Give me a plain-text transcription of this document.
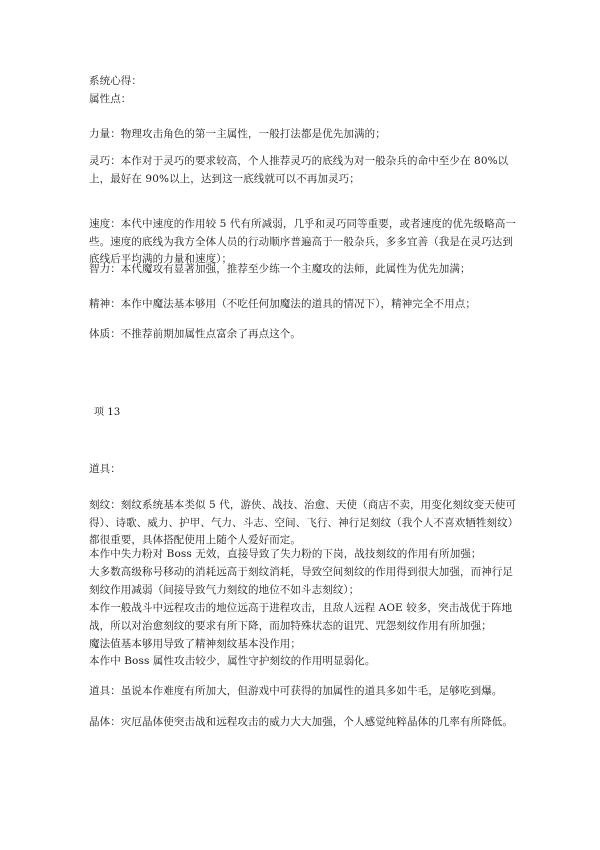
系统心得：

属性点：

力量：物理攻击角色的第一主属性，一般打法都是优先加满的；

灵巧：本作对于灵巧的要求较高，个人推荐灵巧的底线为对一般杂兵的命中至少在 80%以上，最好在 90%以上，达到这一底线就可以不再加灵巧；

速度：本代中速度的作用较 5 代有所减弱，几乎和灵巧同等重要，或者速度的优先级略高一些。速度的底线为我方全体人员的行动顺序普遍高于一般杂兵，多多宜善（我是在灵巧达到底线后平均满的力量和速度）；

智力：本代魔攻有显著加强，推荐至少练一个主魔攻的法师，此属性为优先加满；

精神：本作中魔法基本够用（不吃任何加魔法的道具的情况下），精神完全不用点；

体质：不推荐前期加属性点富余了再点这个。

项 13

道具：

刻纹：刻纹系统基本类似 5 代，游侠、战技、治愈、天使（商店不卖，用变化刻纹变天使可得）、诗歌、威力、护甲、气力、斗志、空间、飞行、神行足刻纹（我个人不喜欢牺牲刻纹）都很重要，具体搭配使用上随个人爱好而定。

本作中失力粉对 Boss 无效，直接导致了失力粉的下岗，战技刻纹的作用有所加强；

大多数高级称号移动的消耗远高于刻纹消耗，导致空间刻纹的作用得到很大加强，而神行足刻纹作用减弱（间接导致气力刻纹的地位不如斗志刻纹）；

本作一般战斗中远程攻击的地位远高于进程攻击，且敌人远程 AOE 较多，突击战优于阵地战，所以对治愈刻纹的要求有所下降，而加特殊状态的诅咒、咒怨刻纹作用有所加强；

魔法值基本够用导致了精神刻纹基本没作用；

本作中 Boss 属性攻击较少，属性守护刻纹的作用明显弱化。

道具：虽说本作难度有所加大，但游戏中可获得的加属性的道具多如牛毛，足够吃到爆。

晶体：灾厄晶体使突击战和远程攻击的威力大大加强，个人感觉纯粹晶体的几率有所降低。
